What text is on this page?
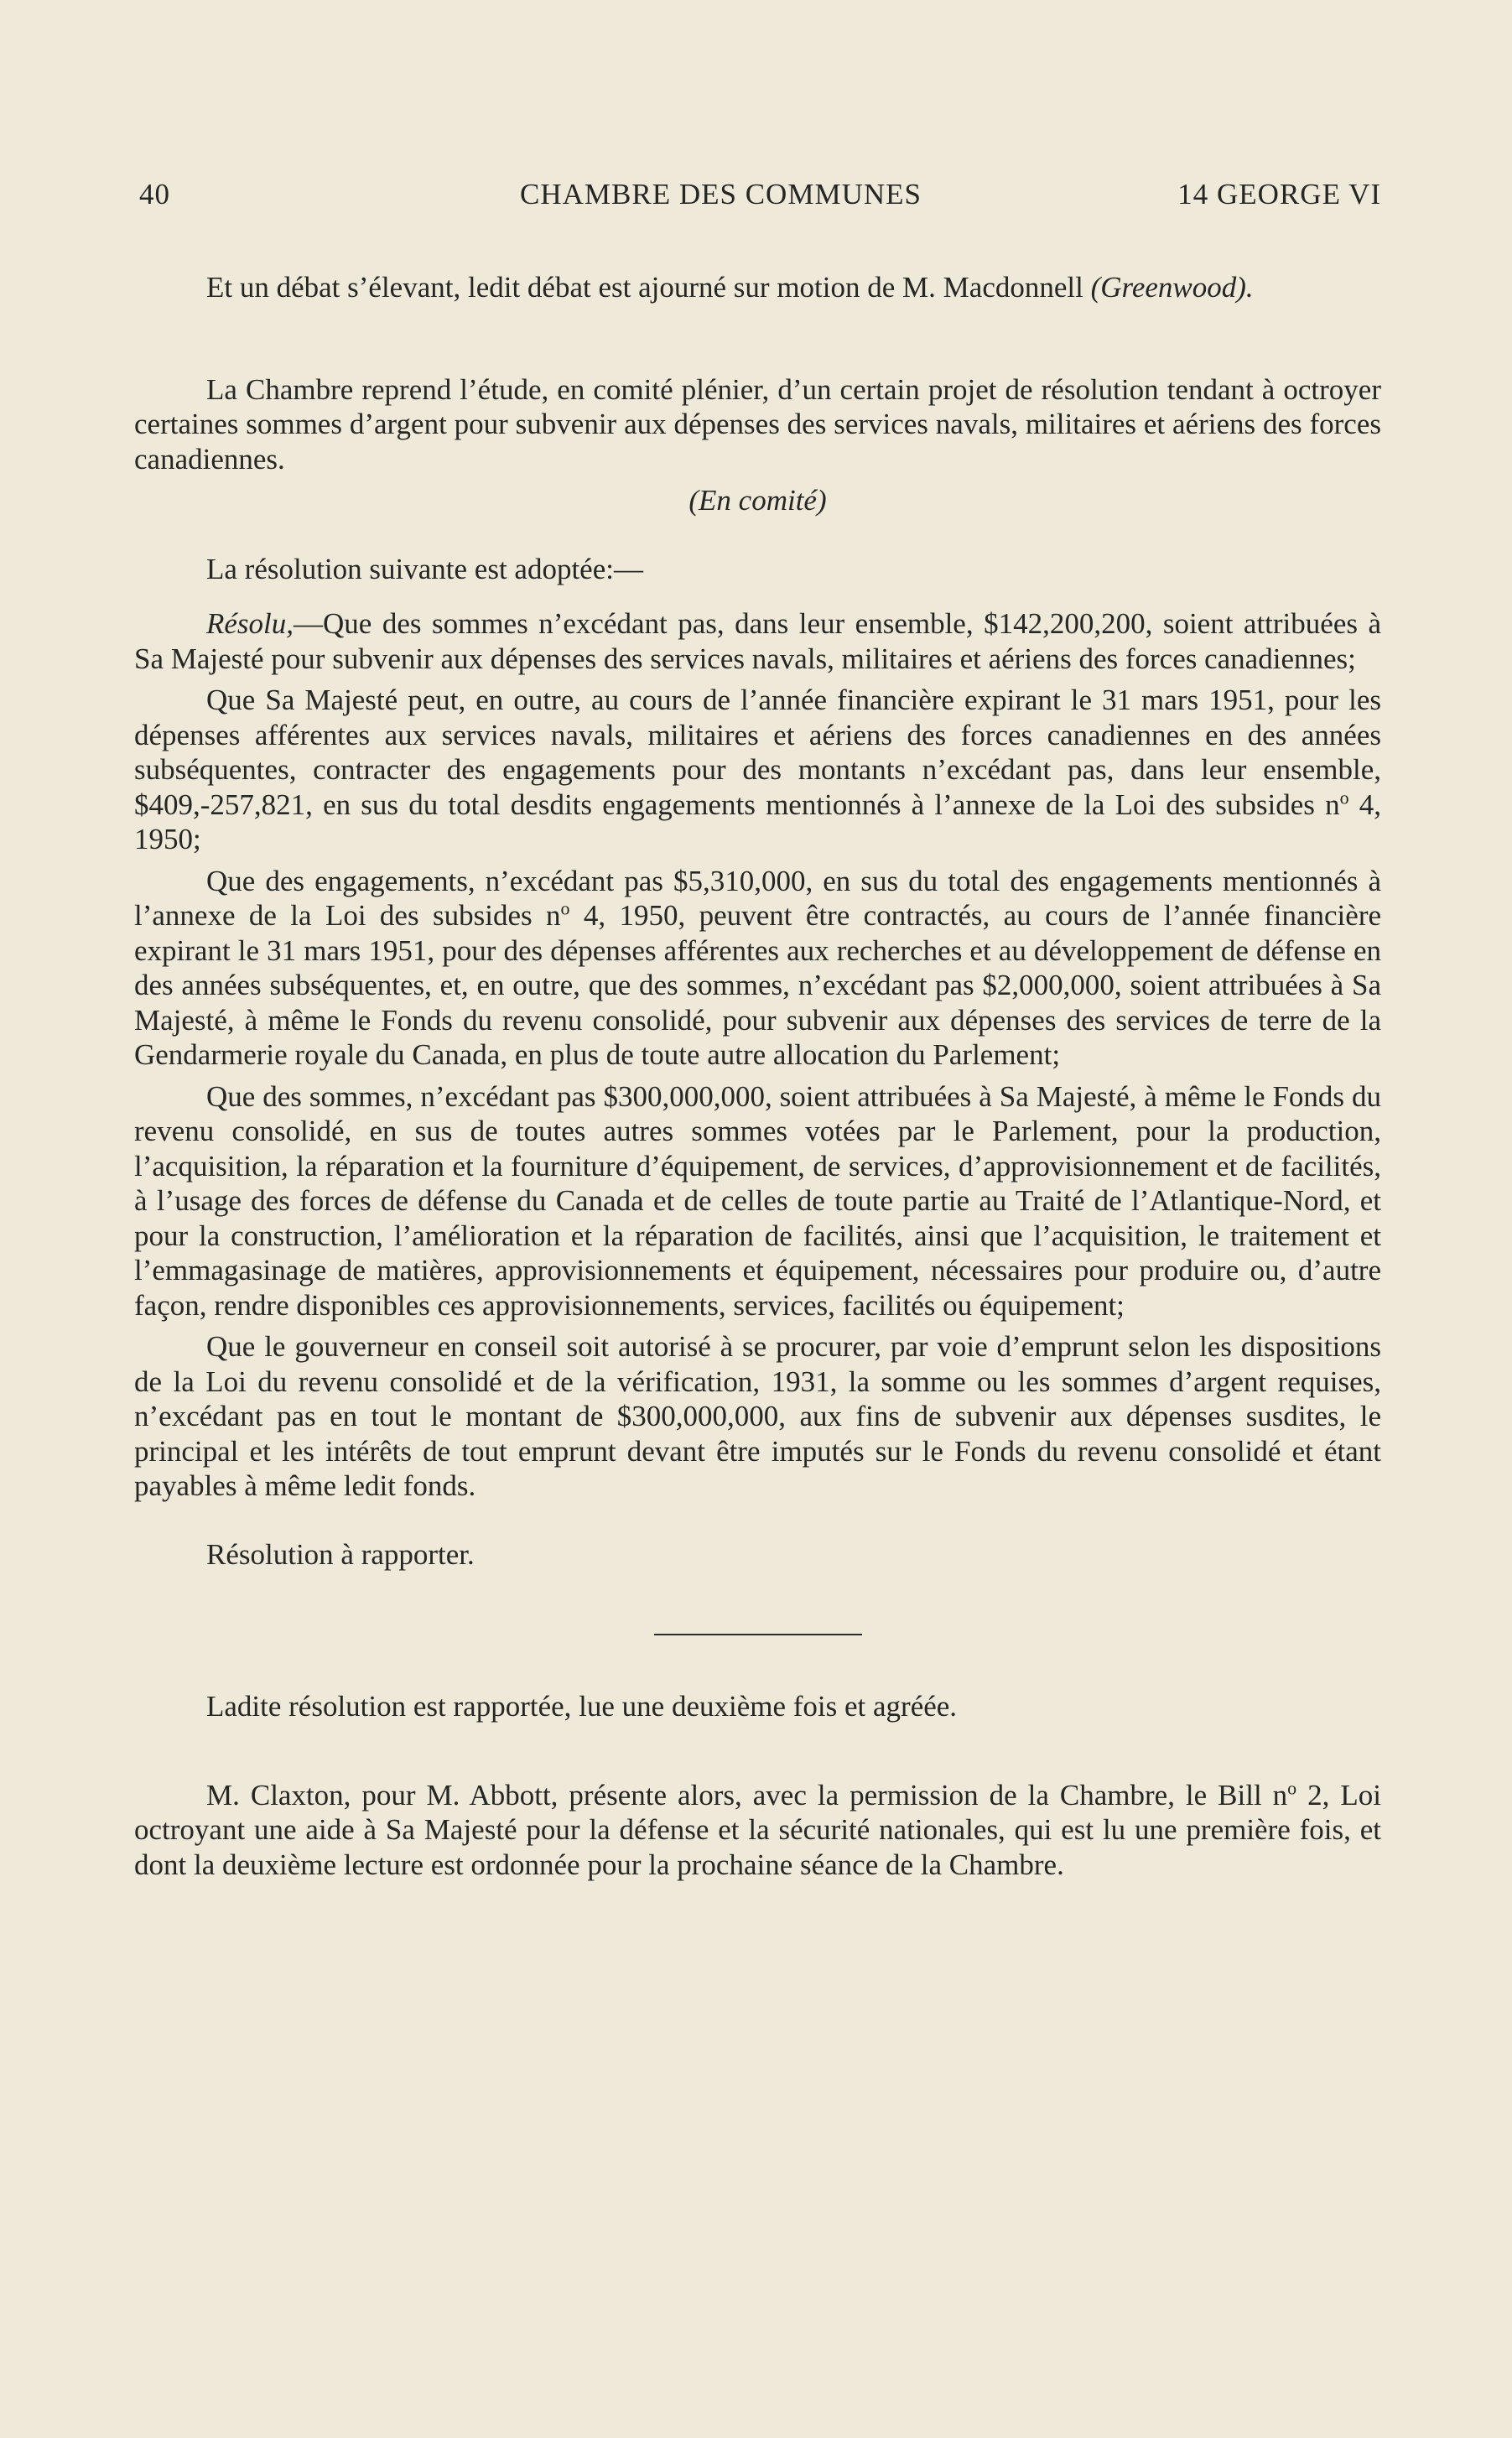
40	CHAMBRE DES COMMUNES	14 GEORGE VI

Et un débat s’élevant, ledit débat est ajourné sur motion de M. Macdonnell (Greenwood).

La Chambre reprend l’étude, en comité plénier, d’un certain projet de résolution tendant à octroyer certaines sommes d’argent pour subvenir aux dépenses des services navals, militaires et aériens des forces canadiennes.

(En comité)

La résolution suivante est adoptée:—

Résolu,—Que des sommes n’excédant pas, dans leur ensemble, $142,200,200, soient attribuées à Sa Majesté pour subvenir aux dépenses des services navals, militaires et aériens des forces canadiennes;

Que Sa Majesté peut, en outre, au cours de l’année financière expirant le 31 mars 1951, pour les dépenses afférentes aux services navals, militaires et aériens des forces canadiennes en des années subséquentes, contracter des engagements pour des montants n’excédant pas, dans leur ensemble, $409,-257,821, en sus du total desdits engagements mentionnés à l’annexe de la Loi des subsides $n^o$ 4, 1950;

Que des engagements, n’excédant pas $5,310,000, en sus du total des engagements mentionnés à l’annexe de la Loi des subsides $n^o$ 4, 1950, peuvent être contractés, au cours de l’année financière expirant le 31 mars 1951, pour des dépenses afférentes aux recherches et au développement de défense en des années subséquentes, et, en outre, que des sommes, n’excédant pas $2,000,000, soient attribuées à Sa Majesté, à même le Fonds du revenu consolidé, pour subvenir aux dépenses des services de terre de la Gendarmerie royale du Canada, en plus de toute autre allocation du Parlement;

Que des sommes, n’excédant pas $300,000,000, soient attribuées à Sa Majesté, à même le Fonds du revenu consolidé, en sus de toutes autres sommes votées par le Parlement, pour la production, l’acquisition, la réparation et la fourniture d’équipement, de services, d’approvisionnement et de facilités, à l’usage des forces de défense du Canada et de celles de toute partie au Traité de l’Atlantique-Nord, et pour la construction, l’amélioration et la réparation de facilités, ainsi que l’acquisition, le traitement et l’emmagasinage de matières, approvisionnements et équipement, nécessaires pour produire ou, d’autre façon, rendre disponibles ces approvisionnements, services, facilités ou équipement;

Que le gouverneur en conseil soit autorisé à se procurer, par voie d’emprunt selon les dispositions de la Loi du revenu consolidé et de la vérification, 1931, la somme ou les sommes d’argent requises, n’excédant pas en tout le montant de $300,000,000, aux fins de subvenir aux dépenses susdites, le principal et les intérêts de tout emprunt devant être imputés sur le Fonds du revenu consolidé et étant payables à même ledit fonds.

Résolution à rapporter.

Ladite résolution est rapportée, lue une deuxième fois et agréée.

M. Claxton, pour M. Abbott, présente alors, avec la permission de la Chambre, le Bill $n^o$ 2, Loi octroyant une aide à Sa Majesté pour la défense et la sécurité nationales, qui est lu une première fois, et dont la deuxième lecture est ordonnée pour la prochaine séance de la Chambre.
